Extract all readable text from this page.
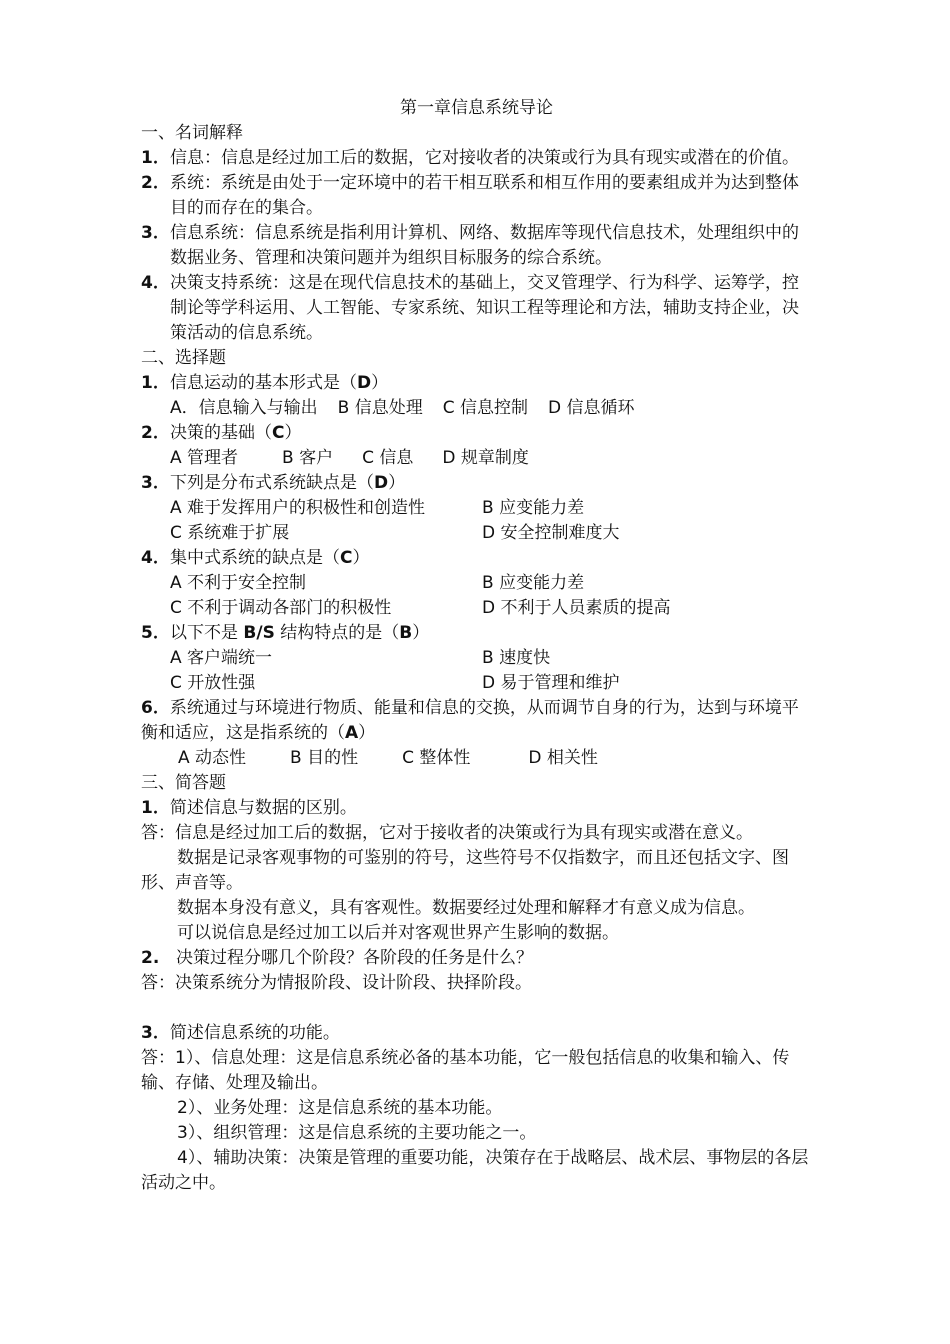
第一章信息系统导论
一、名词解释
1． 信息：信息是经过加工后的数据，它对接收者的决策或行为具有现实或潜在的价值。
2． 系统：系统是由处于一定环境中的若干相互联系和相互作用的要素组成并为达到整体目的而存在的集合。
3． 信息系统：信息系统是指利用计算机、网络、数据库等现代信息技术，处理组织中的数据业务、管理和决策问题并为组织目标服务的综合系统。
4． 决策支持系统：这是在现代信息技术的基础上，交叉管理学、行为科学、运筹学，控制论等学科运用、人工智能、专家系统、知识工程等理论和方法，辅助支持企业，决策活动的信息系统。
二、选择题
1． 信息运动的基本形式是（D）
A．信息输入与输出 B 信息处理 C 信息控制 D 信息循环
2． 决策的基础（C）
A 管理者	B 客户 C 信息 D 规章制度
3． 下列是分布式系统缺点是（D）
A 难于发挥用户的积极性和创造性	B 应变能力差
C 系统难于扩展	D 安全控制难度大
4． 集中式系统的缺点是（C）
A 不利于安全控制	B 应变能力差
C 不利于调动各部门的积极性	D 不利于人员素质的提高
5． 以下不是 B/S 结构特点的是（B）
A 客户端统一	B 速度快
C 开放性强	D 易于管理和维护
6．系统通过与环境进行物质、能量和信息的交换，从而调节自身的行为，达到与环境平衡和适应，这是指系统的（A）
A 动态性	B 目的性	C 整体性	D 相关性
三、简答题
1．简述信息与数据的区别。
答：信息是经过加工后的数据，它对于接收者的决策或行为具有现实或潜在意义。
数据是记录客观事物的可鉴别的符号，这些符号不仅指数字，而且还包括文字、图形、声音等。
数据本身没有意义，具有客观性。数据要经过处理和解释才有意义成为信息。
可以说信息是经过加工以后并对客观世界产生影响的数据。
2. 决策过程分哪几个阶段？各阶段的任务是什么？
答：决策系统分为情报阶段、设计阶段、抉择阶段。
3．简述信息系统的功能。
答：1）、信息处理：这是信息系统必备的基本功能，它一般包括信息的收集和输入、传输、存储、处理及输出。
2）、业务处理：这是信息系统的基本功能。
3）、组织管理：这是信息系统的主要功能之一。
4）、辅助决策：决策是管理的重要功能，决策存在于战略层、战术层、事物层的各层活动之中。
